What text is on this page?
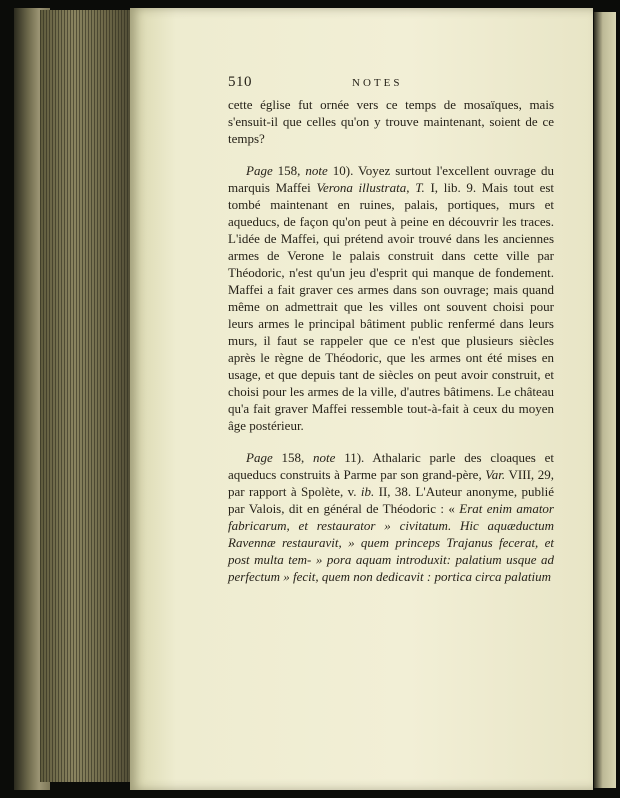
510	NOTES

cette église fut ornée vers ce temps de mosaïques, mais s'ensuit-il que celles qu'on y trouve maintenant, soient de ce temps?

Page 158, note 10). Voyez surtout l'excellent ouvrage du marquis Maffei Verona illustrata, T. I, lib. 9. Mais tout est tombé maintenant en ruines, palais, portiques, murs et aqueducs, de façon qu'on peut à peine en découvrir les traces. L'idée de Maffei, qui prétend avoir trouvé dans les anciennes armes de Verone le palais construit dans cette ville par Théodoric, n'est qu'un jeu d'esprit qui manque de fondement. Maffei a fait graver ces armes dans son ouvrage; mais quand même on admettrait que les villes ont souvent choisi pour leurs armes le principal bâtiment public renfermé dans leurs murs, il faut se rappeler que ce n'est que plusieurs siècles après le règne de Théodoric, que les armes ont été mises en usage, et que depuis tant de siècles on peut avoir construit, et choisi pour les armes de la ville, d'autres bâtimens. Le château qu'a fait graver Maffei ressemble tout-à-fait à ceux du moyen âge postérieur.

Page 158, note 11). Athalaric parle des cloaques et aqueducs construits à Parme par son grand-père, Var. VIII, 29, par rapport à Spolète, v. ib. II, 38. L'Auteur anonyme, publié par Valois, dit en général de Théodoric : « Erat enim amator fabricarum, et restaurator » civitatum. Hic aquæductum Ravennæ restauravit, » quem princeps Trajanus fecerat, et post multa tem- » pora aquam introduxit: palatium usque ad perfectum » fecit, quem non dedicavit : portica circa palatium
